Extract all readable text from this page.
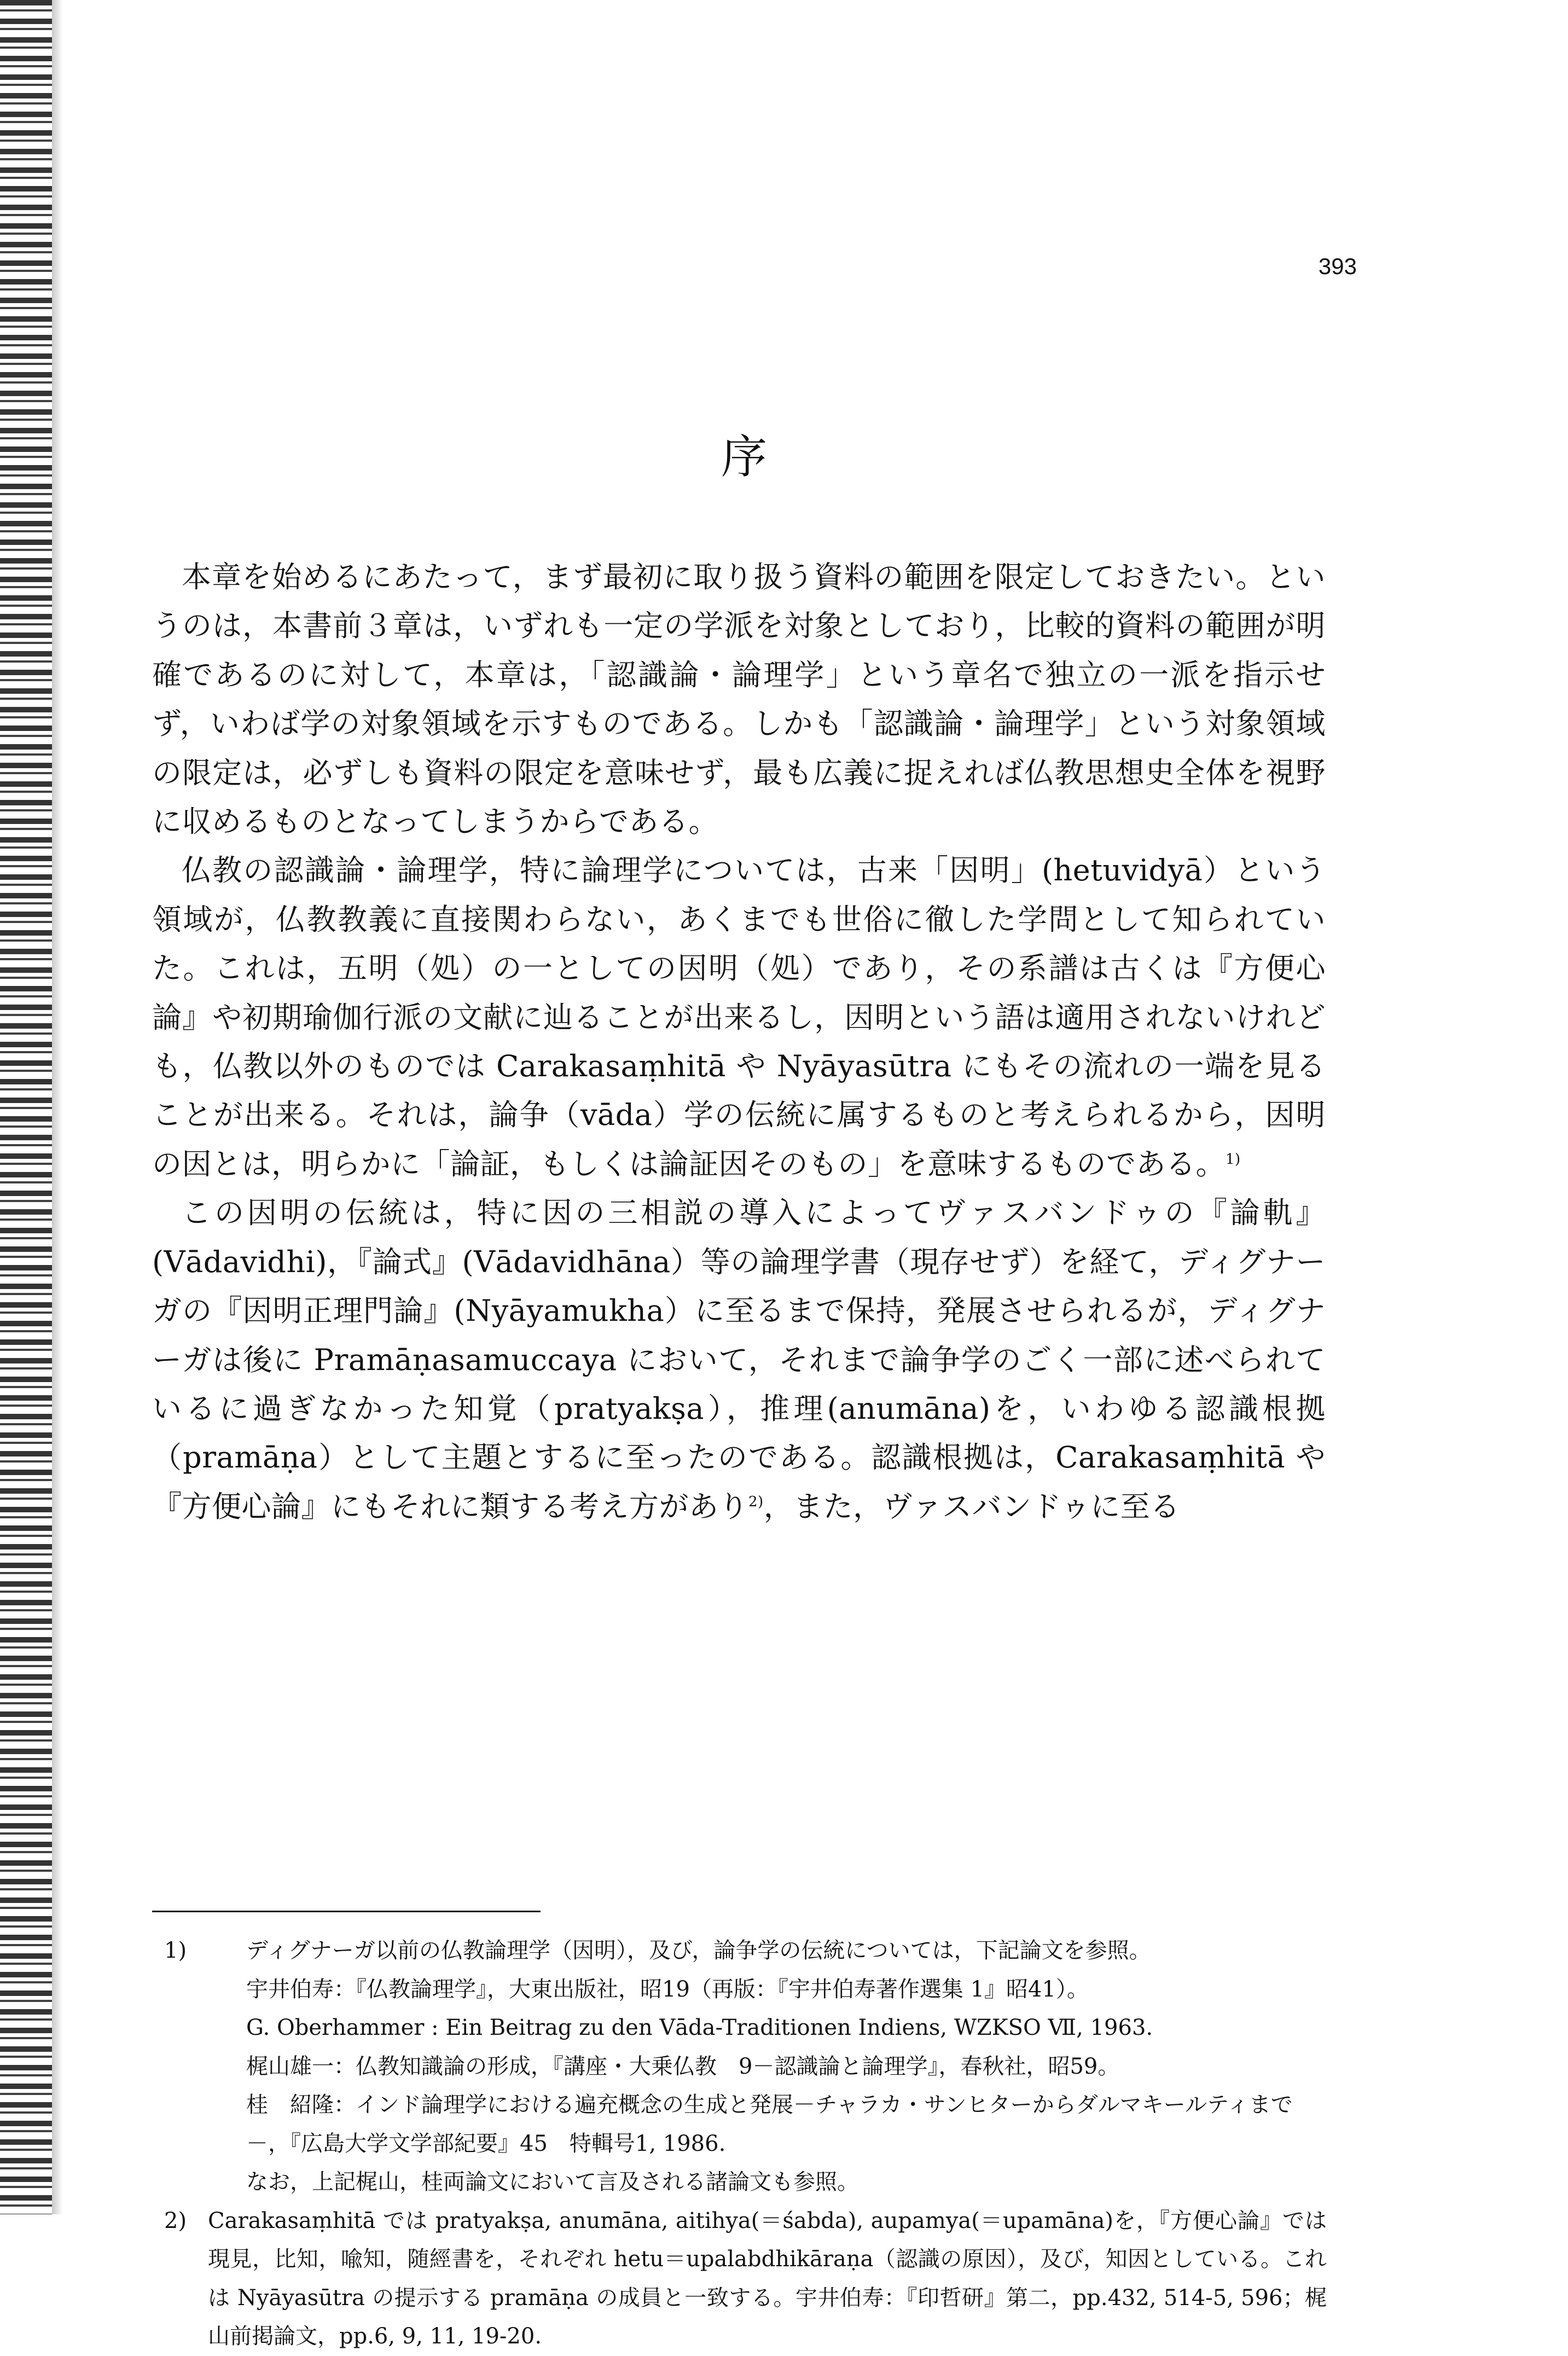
393
序

本章を始めるにあたって，まず最初に取り扱う資料の範囲を限定しておきたい。というのは，本書前３章は，いずれも一定の学派を対象としており，比較的資料の範囲が明確であるのに対して，本章は，「認識論・論理学」という章名で独立の一派を指示せず，いわば学の対象領域を示すものである。しかも「認識論・論理学」という対象領域の限定は，必ずしも資料の限定を意味せず，最も広義に捉えれば仏教思想史全体を視野に収めるものとなってしまうからである。

仏教の認識論・論理学，特に論理学については，古来「因明」(hetuvidyā）という領域が，仏教教義に直接関わらない，あくまでも世俗に徹した学問として知られていた。これは，五明（処）の一としての因明（処）であり，その系譜は古くは『方便心論』や初期瑜伽行派の文献に辿ることが出来るし，因明という語は適用されないけれども，仏教以外のものでは Carakasaṃhitā や Nyāyasūtra にもその流れの一端を見ることが出来る。それは，論争（vāda）学の伝統に属するものと考えられるから，因明の因とは，明らかに「論証，もしくは論証因そのもの」を意味するものである。$^{1)}$

この因明の伝統は，特に因の三相説の導入によってヴァスバンドゥの『論軌』(Vādavidhi)，『論式』(Vādavidhāna）等の論理学書（現存せず）を経て，ディグナーガの『因明正理門論』(Nyāyamukha）に至るまで保持，発展させられるが，ディグナーガは後に Pramāṇasamuccaya において，それまで論争学のごく一部に述べられているに過ぎなかった知覚（pratyakṣa），推理(anumāna)を，いわゆる認識根拠（pramāṇa）として主題とするに至ったのである。認識根拠は，Carakasaṃhitā や『方便心論』にもそれに類する考え方があり$^{2)}$，また，ヴァスバンドゥに至る

1)	ディグナーガ以前の仏教論理学（因明），及び，論争学の伝統については，下記論文を参照。
宇井伯寿：『仏教論理学』，大東出版社，昭19（再版：『宇井伯寿著作選集 1』昭41）。
G. Oberhammer : Ein Beitrag zu den Vāda-Traditionen Indiens, WZKSO Ⅶ, 1963.
梶山雄一：仏教知識論の形成，『講座・大乗仏教　9－認識論と論理学』，春秋社，昭59。
桂　紹隆：インド論理学における遍充概念の生成と発展－チャラカ・サンヒターからダルマキールティまで－，『広島大学文学部紀要』45　特輯号1, 1986.
なお，上記梶山，桂両論文において言及される諸論文も参照。
2) Carakasaṃhitā では pratyakṣa, anumāna, aitihya(＝śabda), aupamya(＝upamāna)を，『方便心論』では現見，比知，喩知，随經書を，それぞれ hetu＝upalabdhikāraṇa（認識の原因），及び，知因としている。これは Nyāyasūtra の提示する pramāṇa の成員と一致する。宇井伯寿：『印哲研』第二，pp.432, 514-5, 596；梶山前掲論文，pp.6, 9, 11, 19-20.
